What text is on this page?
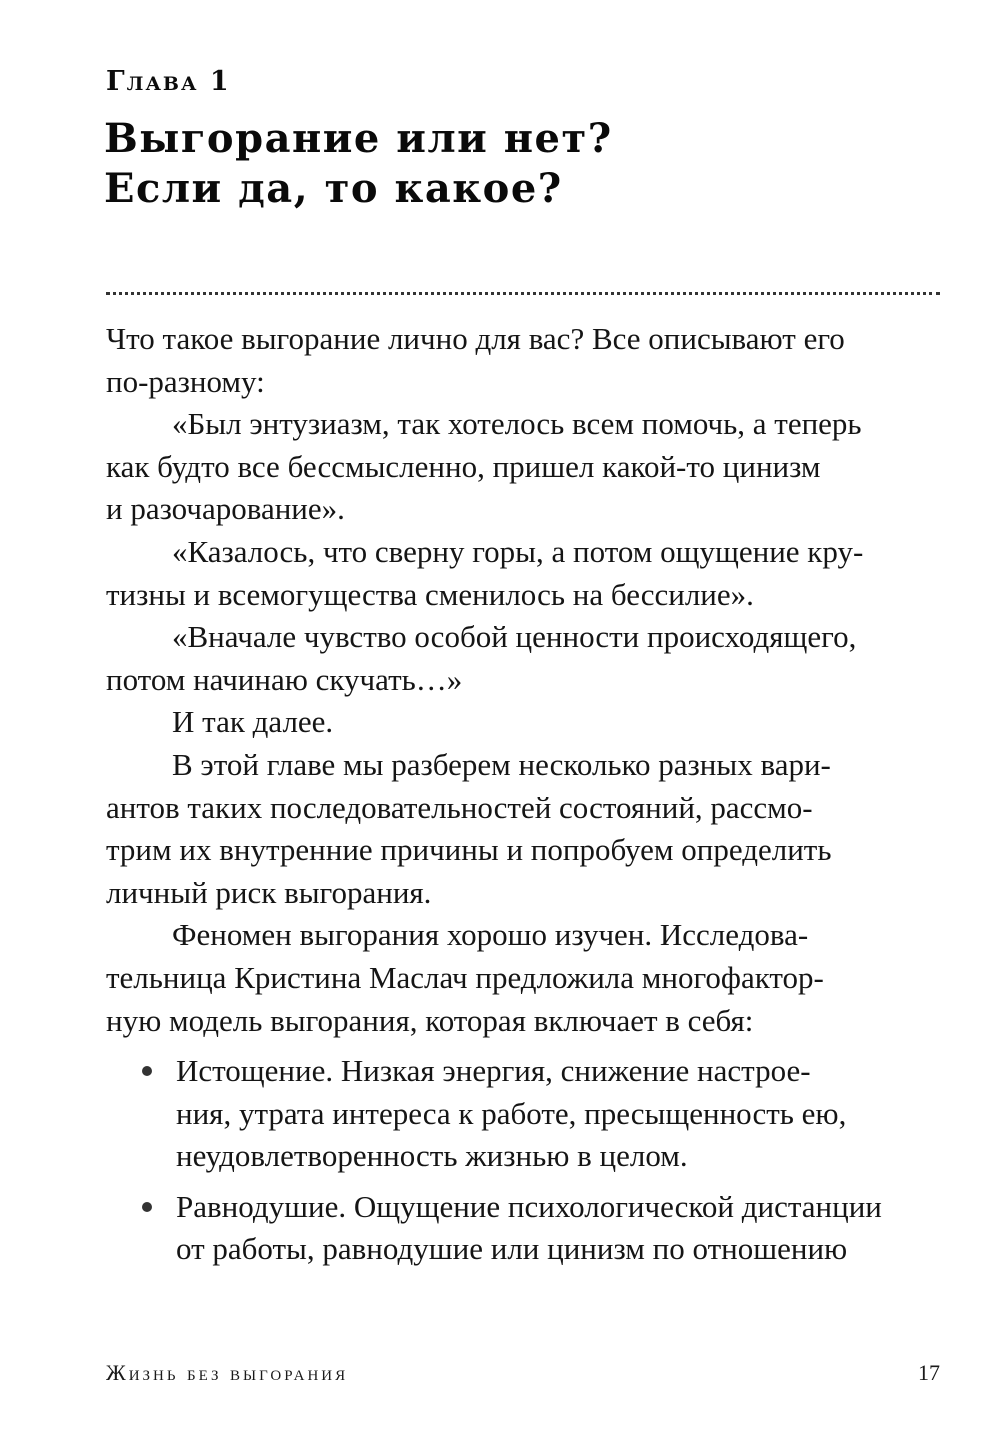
Глава 1
Выгорание или нет?
Если да, то какое?

Что такое выгорание лично для вас? Все описывают его
по-разному:

«Был энтузиазм, так хотелось всем помочь, а теперь
как будто все бессмысленно, пришел какой-то цинизм
и разочарование».

«Казалось, что сверну горы, а потом ощущение кру-
тизны и всемогущества сменилось на бессилие».

«Вначале чувство особой ценности происходящего,
потом начинаю скучать…»

И так далее.

В этой главе мы разберем несколько разных вари-
антов таких последовательностей состояний, рассмо-
трим их внутренние причины и попробуем определить
личный риск выгорания.

Феномен выгорания хорошо изучен. Исследова-
тельница Кристина Маслач предложила многофактор-
ную модель выгорания, которая включает в себя:

Истощение. Низкая энергия, снижение настрое-
ния, утрата интереса к работе, пресыщенность ею,
неудовлетворенность жизнью в целом.
Равнодушие. Ощущение психологической дистанции
от работы, равнодушие или цинизм по отношению
Жизнь без выгорания	17
